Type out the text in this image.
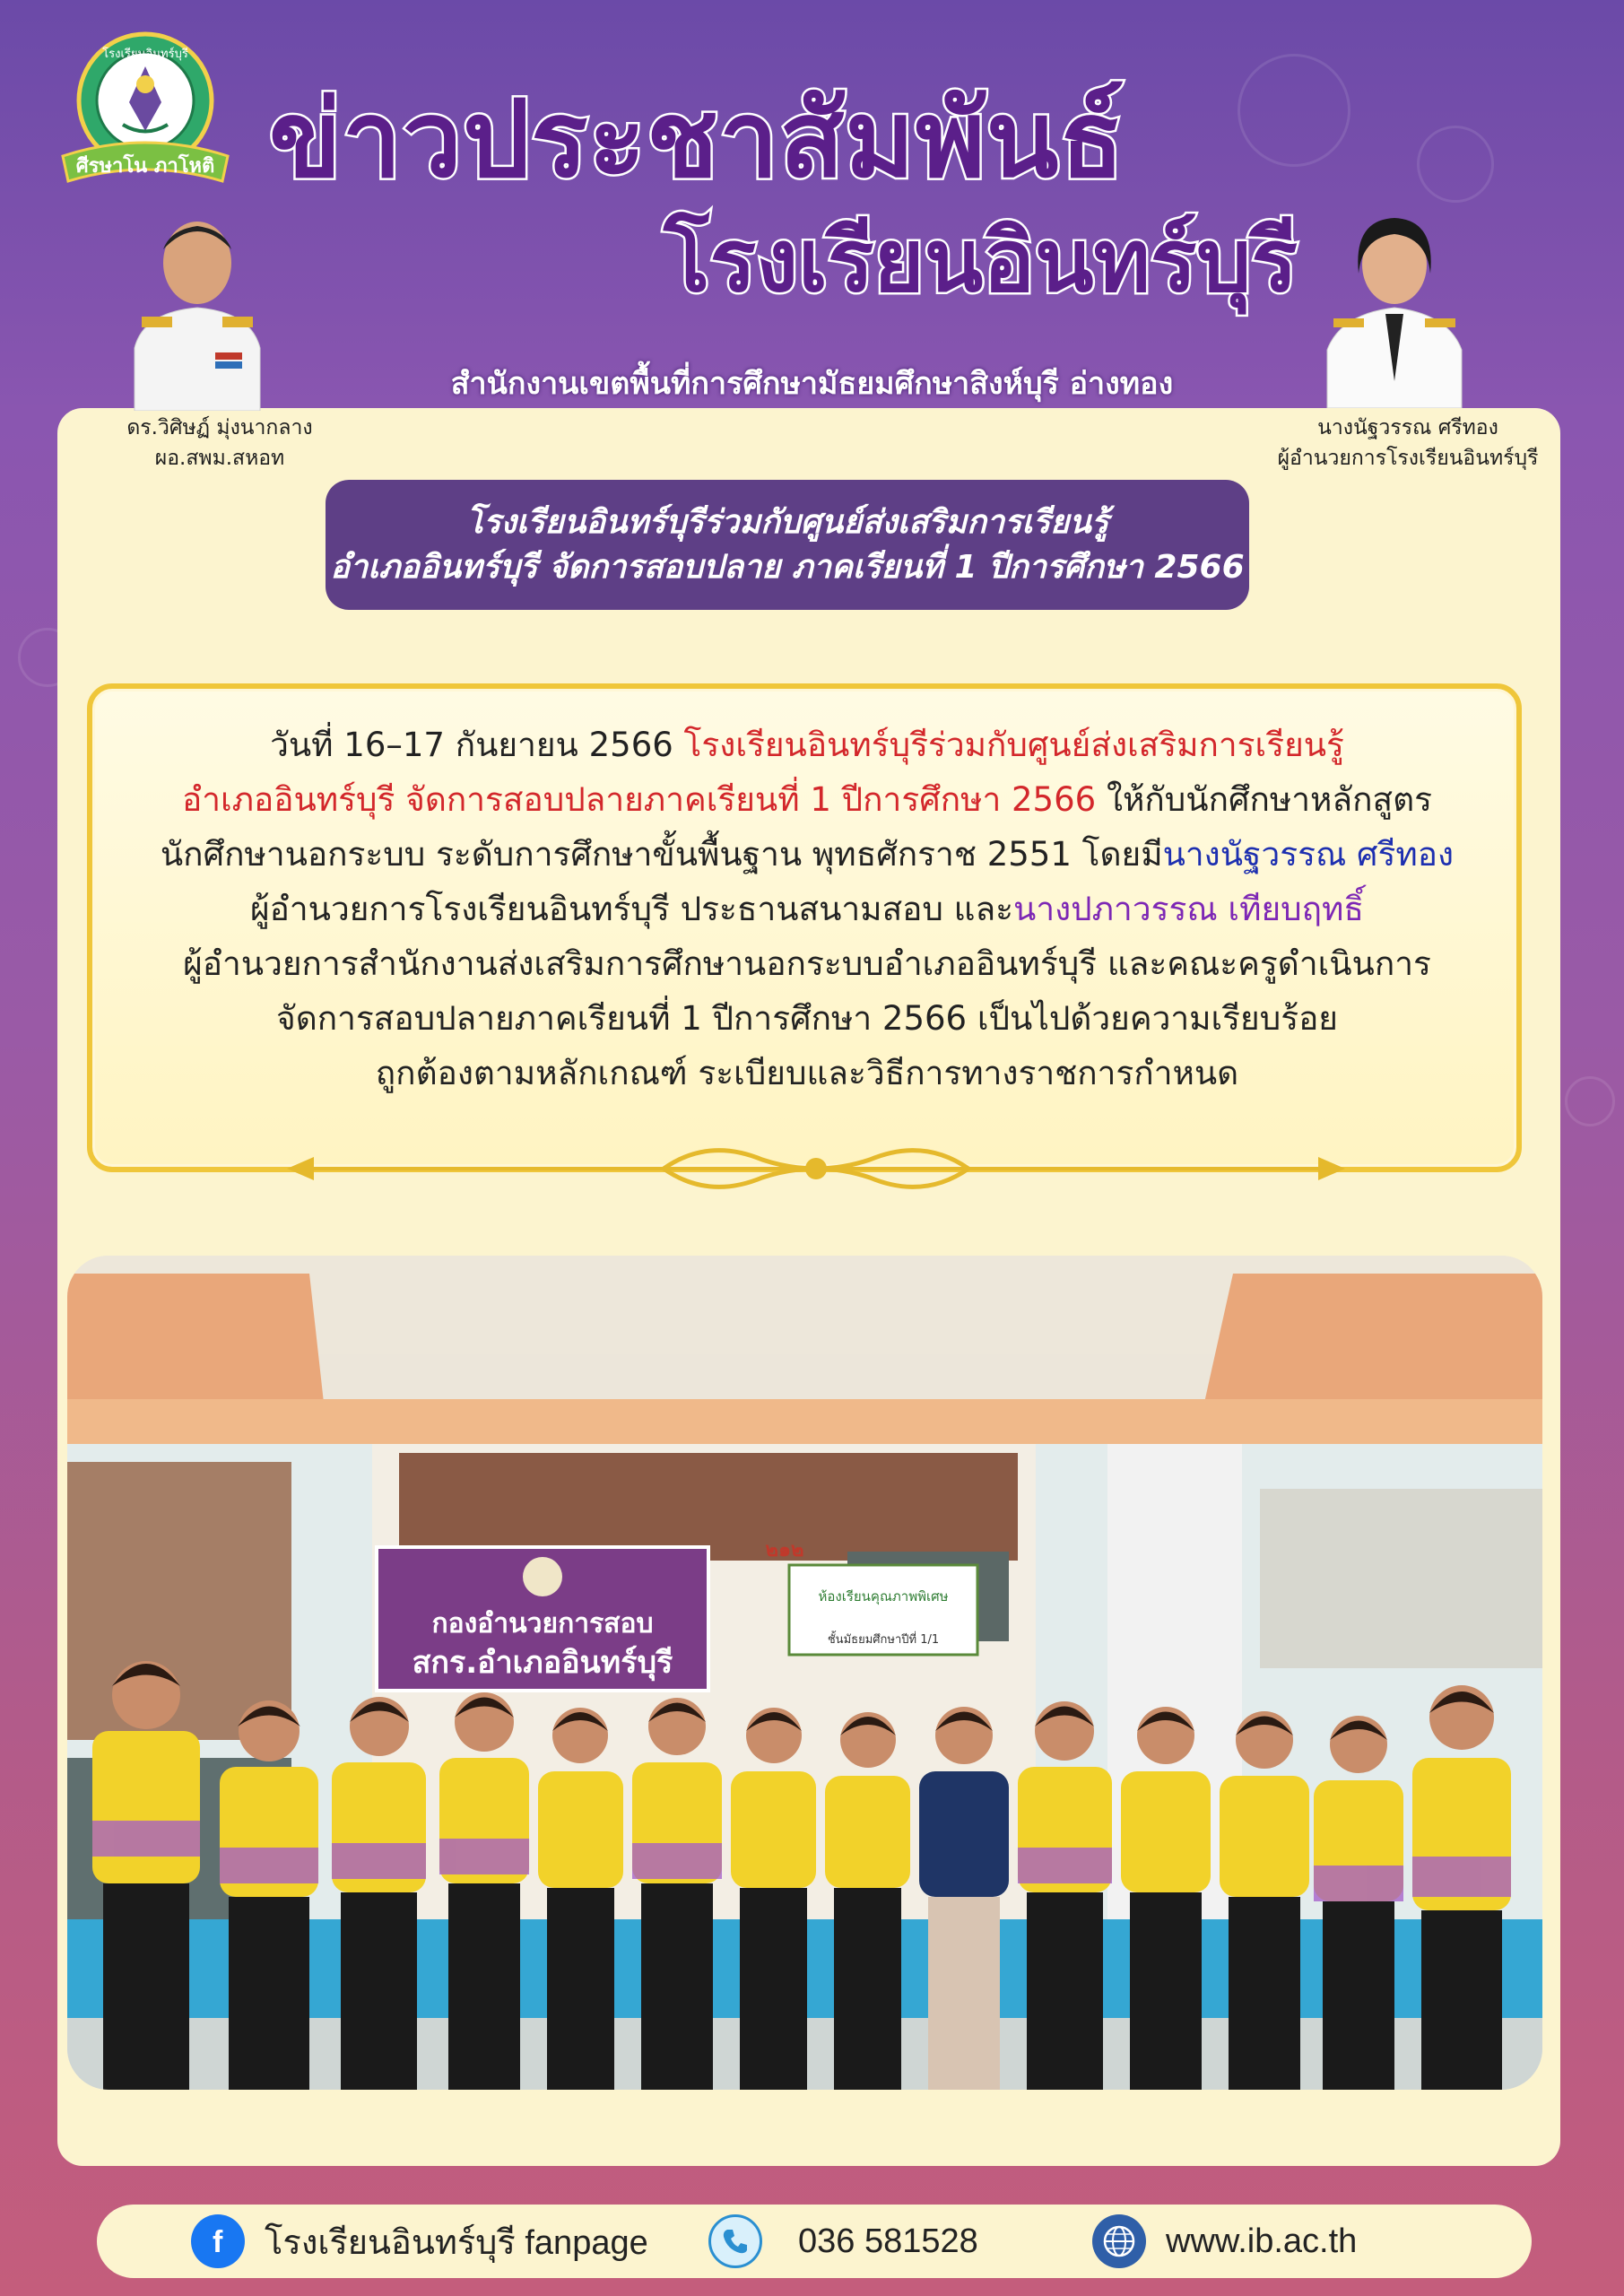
ศีรษาโน ภาโหติ
โรงเรียนอินทร์บุรี
ข่าวประชาสัมพันธ์
โรงเรียนอินทร์บุรี
สำนักงานเขตพื้นที่การศึกษามัธยมศึกษาสิงห์บุรี อ่างทอง
ดร.วิศิษฏ์ มุ่งนากลาง
ผอ.สพม.สหอท
นางนัฐวรรณ ศรีทอง
ผู้อำนวยการโรงเรียนอินทร์บุรี
โรงเรียนอินทร์บุรีร่วมกับศูนย์ส่งเสริมการเรียนรู้
อำเภออินทร์บุรี จัดการสอบปลาย ภาคเรียนที่ 1 ปีการศึกษา 2566
วันที่ 16–17 กันยายน 2566 โรงเรียนอินทร์บุรีร่วมกับศูนย์ส่งเสริมการเรียนรู้
อำเภออินทร์บุรี จัดการสอบปลายภาคเรียนที่ 1 ปีการศึกษา 2566 ให้กับนักศึกษาหลักสูตร
นักศึกษานอกระบบ ระดับการศึกษาขั้นพื้นฐาน พุทธศักราช 2551 โดยมีนางนัฐวรรณ ศรีทอง
ผู้อำนวยการโรงเรียนอินทร์บุรี ประธานสนามสอบ และนางปภาวรรณ เทียบฤทธิ์
ผู้อำนวยการสำนักงานส่งเสริมการศึกษานอกระบบอำเภออินทร์บุรี และคณะครูดำเนินการ
จัดการสอบปลายภาคเรียนที่ 1 ปีการศึกษา 2566 เป็นไปด้วยความเรียบร้อย
ถูกต้องตามหลักเกณฑ์ ระเบียบและวิธีการทางราชการกำหนด
กองอำนวยการสอบ
สกร.อำเภออินทร์บุรี
๒๑๒
ห้องเรียนคุณภาพพิเศษ
ชั้นมัธยมศึกษาปีที่ 1/1
f โรงเรียนอินทร์บุรี fanpage	036 581528	www.ib.ac.th
